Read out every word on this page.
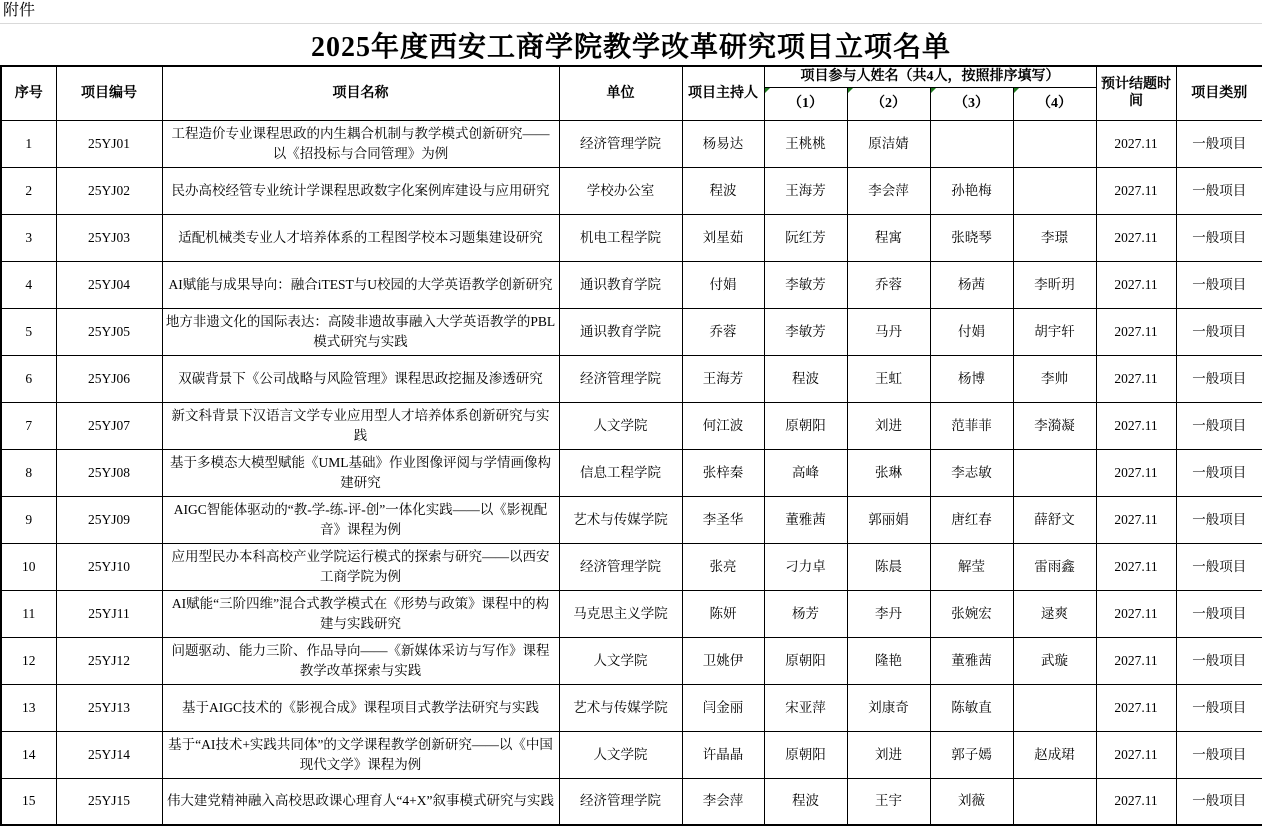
附件
2025年度西安工商学院教学改革研究项目立项名单
序号	项目编号	项目名称	单位	项目主持人	项目参与人姓名（共4人，按照排序填写）				预计结题时间	项目类别

（1）	（2）	（3）	（4）		
1	25YJ01	工程造价专业课程思政的内生耦合机制与教学模式创新研究——以《招投标与合同管理》为例	经济管理学院	杨易达	王桃桃	原洁婧			2027.11	一般项目
2	25YJ02	民办高校经管专业统计学课程思政数字化案例库建设与应用研究	学校办公室	程波	王海芳	李会萍	孙艳梅		2027.11	一般项目
3	25YJ03	适配机械类专业人才培养体系的工程图学校本习题集建设研究	机电工程学院	刘星茹	阮红芳	程寓	张晓琴	李璟	2027.11	一般项目
4	25YJ04	AI赋能与成果导向：融合iTEST与U校园的大学英语教学创新研究	通识教育学院	付娟	李敏芳	乔蓉	杨茜	李昕玥	2027.11	一般项目
5	25YJ05	地方非遗文化的国际表达：高陵非遗故事融入大学英语教学的PBL模式研究与实践	通识教育学院	乔蓉	李敏芳	马丹	付娟	胡宇轩	2027.11	一般项目
6	25YJ06	双碳背景下《公司战略与风险管理》课程思政挖掘及渗透研究	经济管理学院	王海芳	程波	王虹	杨博	李帅	2027.11	一般项目
7	25YJ07	新文科背景下汉语言文学专业应用型人才培养体系创新研究与实践	人文学院	何江波	原朝阳	刘进	范菲菲	李漪凝	2027.11	一般项目
8	25YJ08	基于多模态大模型赋能《UML基础》作业图像评阅与学情画像构建研究	信息工程学院	张梓秦	高峰	张琳	李志敏		2027.11	一般项目
9	25YJ09	AIGC智能体驱动的“教-学-练-评-创”一体化实践——以《影视配音》课程为例	艺术与传媒学院	李圣华	董雅茜	郭丽娟	唐红春	薛舒文	2027.11	一般项目
10	25YJ10	应用型民办本科高校产业学院运行模式的探索与研究——以西安工商学院为例	经济管理学院	张亮	刁力卓	陈晨	解莹	雷雨鑫	2027.11	一般项目
11	25YJ11	AI赋能“三阶四维”混合式教学模式在《形势与政策》课程中的构建与实践研究	马克思主义学院	陈妍	杨芳	李丹	张婉宏	逯爽	2027.11	一般项目
12	25YJ12	问题驱动、能力三阶、作品导向——《新媒体采访与写作》课程教学改革探索与实践	人文学院	卫姚伊	原朝阳	隆艳	董雅茜	武璇	2027.11	一般项目
13	25YJ13	基于AIGC技术的《影视合成》课程项目式教学法研究与实践	艺术与传媒学院	闫金丽	宋亚萍	刘康奇	陈敏直		2027.11	一般项目
14	25YJ14	基于“AI技术+实践共同体”的文学课程教学创新研究——以《中国现代文学》课程为例	人文学院	许晶晶	原朝阳	刘进	郭子嫣	赵成珺	2027.11	一般项目
15	25YJ15	伟大建党精神融入高校思政课心理育人“4+X”叙事模式研究与实践	经济管理学院	李会萍	程波	王宇	刘薇		2027.11	一般项目
